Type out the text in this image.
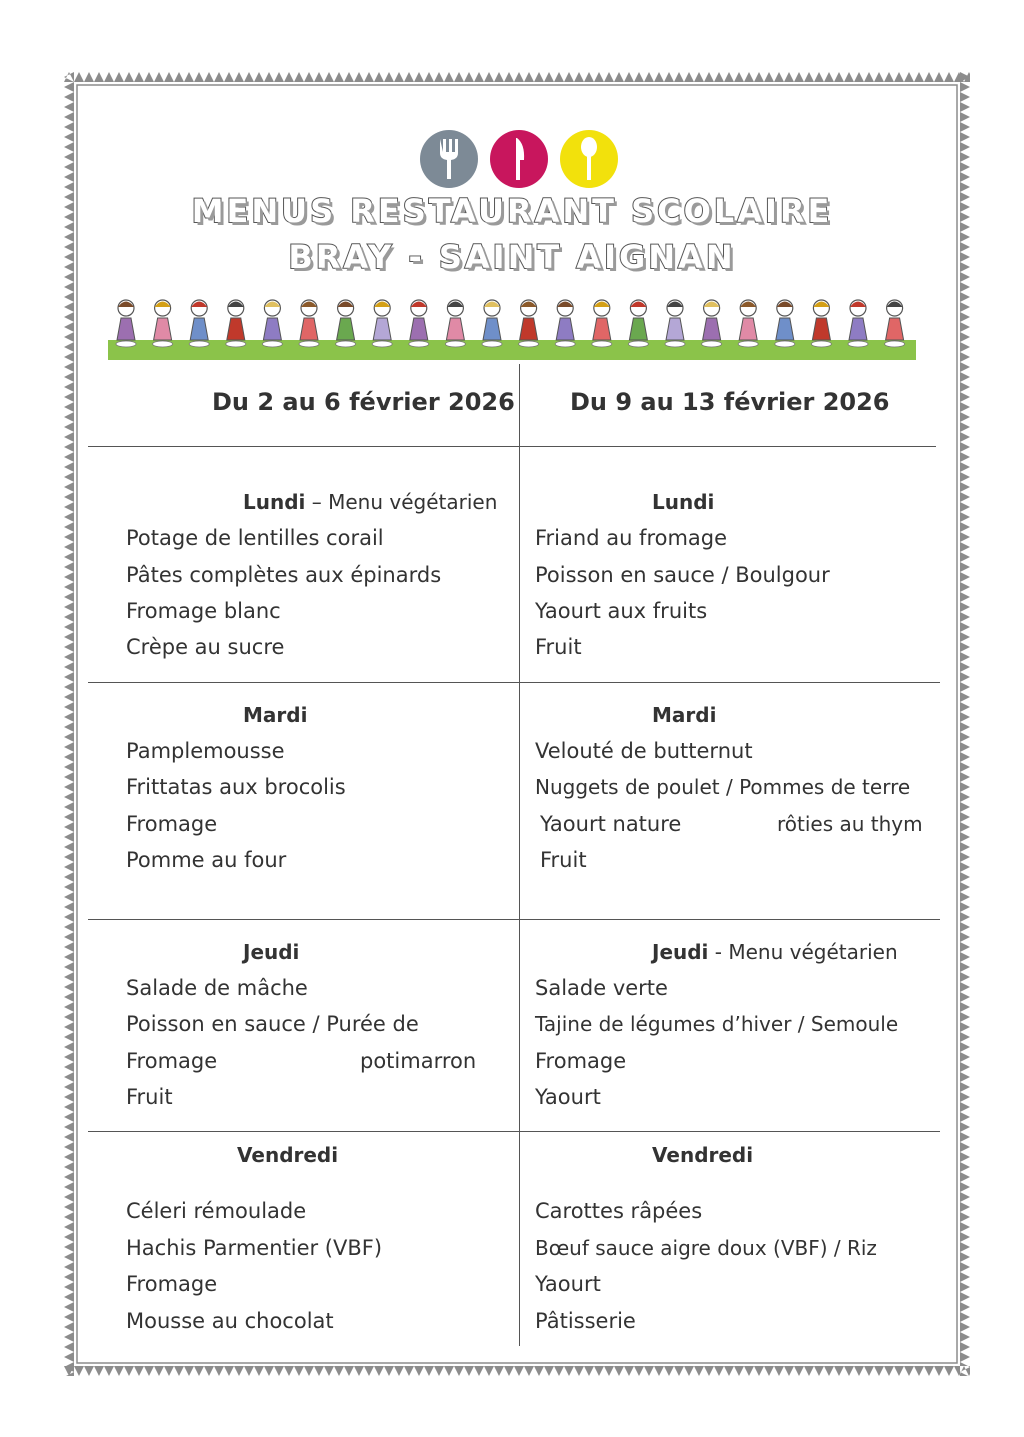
MENUS RESTAURANT SCOLAIRE
BRAY - SAINT AIGNAN
Du 2 au 6 février 2026 Du 9 au 13 février 2026
Lundi – Menu végétarien
Potage de lentilles corail
Pâtes complètes aux épinards
Fromage blanc
Crèpe au sucre
Mardi
Pamplemousse
Frittatas aux brocolis
Fromage
Pomme au four
Jeudi
Salade de mâche
Poisson en sauce / Purée de
Fromage	potimarron
Fruit
Vendredi
Céleri rémoulade
Hachis Parmentier (VBF)
Fromage
Mousse au chocolat
Lundi
Friand au fromage
Poisson en sauce / Boulgour
Yaourt aux fruits
Fruit
Mardi
Velouté de butternut
Nuggets de poulet / Pommes de terre
Yaourt nature	rôties au thym
Fruit
Jeudi - Menu végétarien
Salade verte
Tajine de légumes d’hiver / Semoule
Fromage
Yaourt
Vendredi
Carottes râpées
Bœuf sauce aigre doux (VBF) / Riz
Yaourt
Pâtisserie
